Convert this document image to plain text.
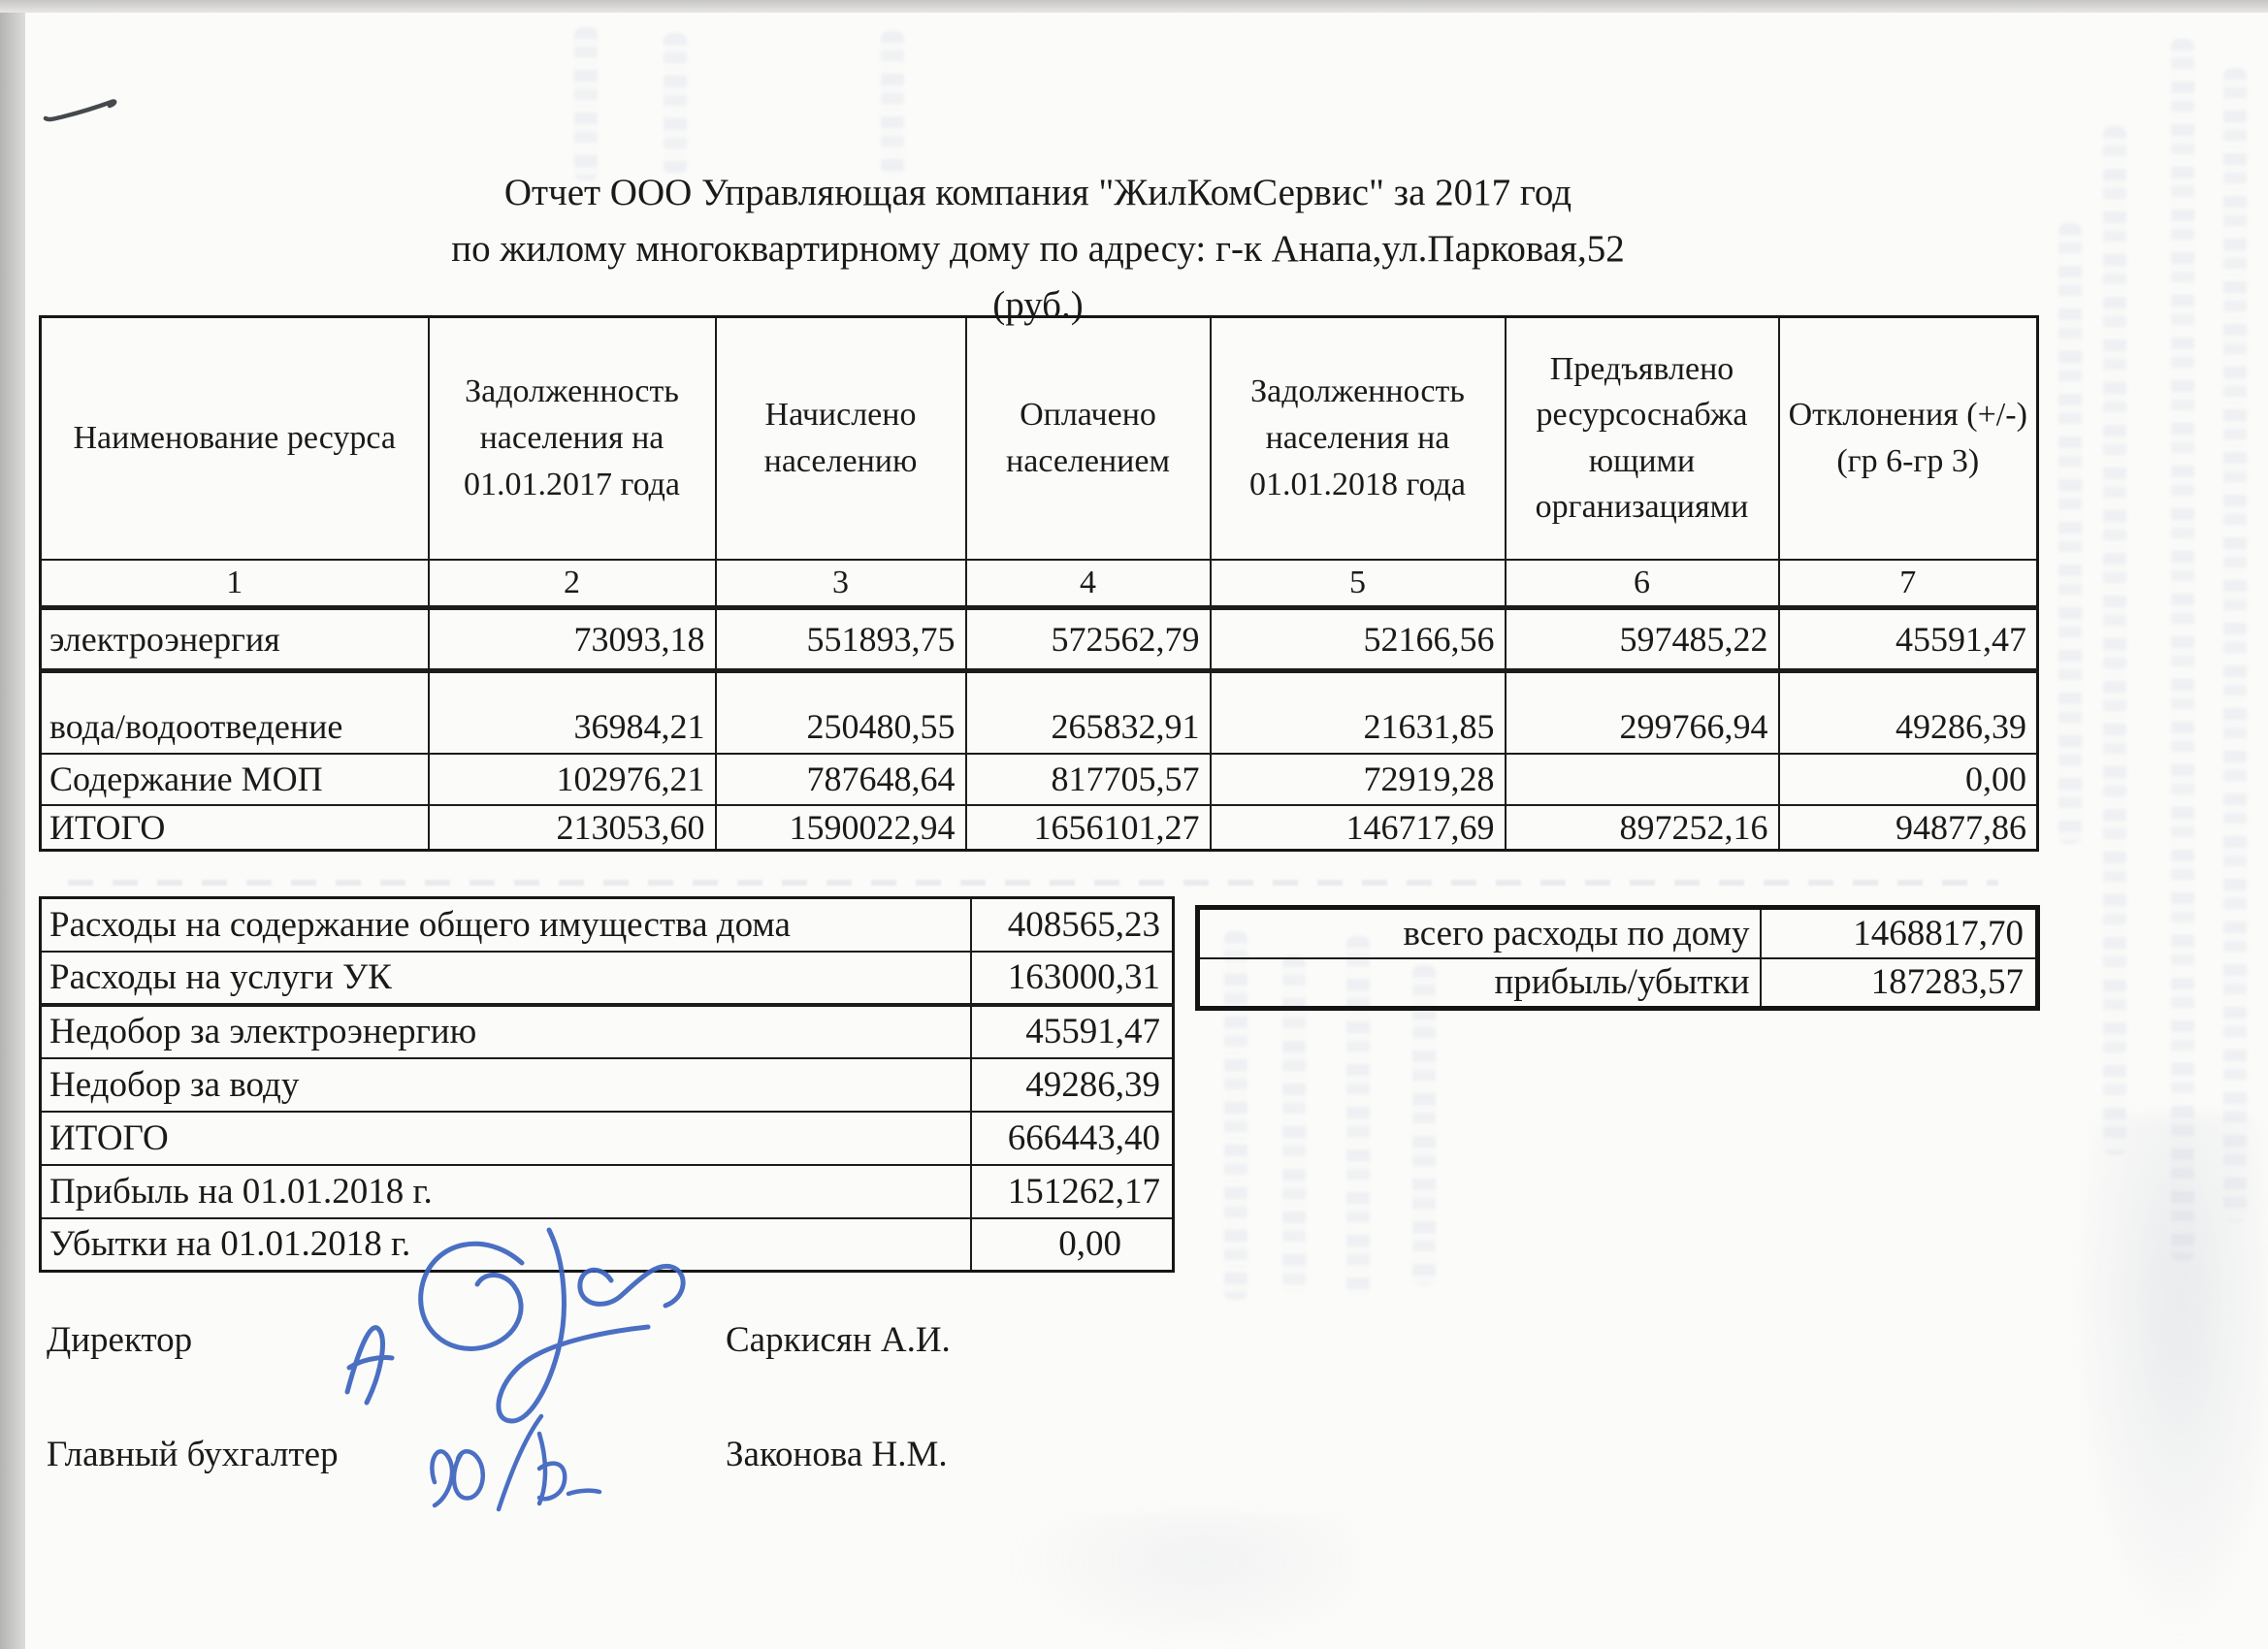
Отчет ООО Управляющая компания "ЖилКомСервис" за 2017 год
по жилому многоквартирному дому по адресу: г-к Анапа,ул.Парковая,52
(руб.)
Наименование ресурса	Задолженность населения на 01.01.2017 года	Начислено населению	Оплачено населением	Задолженность населения на 01.01.2018 года	Предъявлено ресурсоснабжа ющими организациями	Отклонения (+/-)(гр 6-гр 3)
1	2	3	4	5	6	7
электроэнергия	73093,18	551893,75	572562,79	52166,56	597485,22	45591,47
вода/водоотведение	36984,21	250480,55	265832,91	21631,85	299766,94	49286,39
Содержание МОП	102976,21	787648,64	817705,57	72919,28		0,00
ИТОГО	213053,60	1590022,94	1656101,27	146717,69	897252,16	94877,86
Расходы на содержание общего имущества дома	408565,23
Расходы на услуги УК	163000,31
Недобор за электроэнергию	45591,47
Недобор за воду	49286,39
ИТОГО	666443,40
Прибыль на 01.01.2018 г.	151262,17
Убытки на 01.01.2018 г.	0,00
всего расходы по дому	1468817,70
прибыль/убытки	187283,57
Директор	Саркисян А.И.
Главный бухгалтер	Законова Н.М.
